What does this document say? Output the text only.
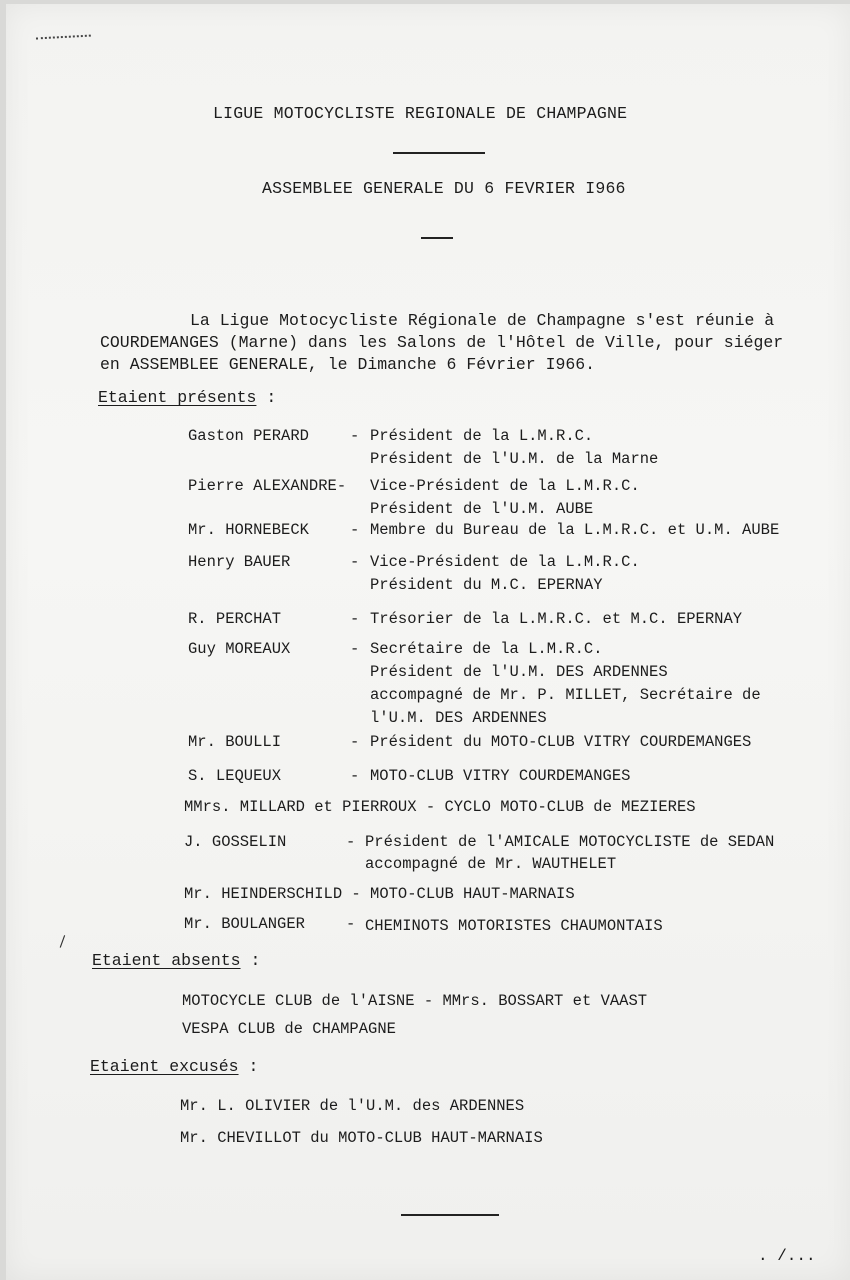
LIGUE MOTOCYCLISTE REGIONALE DE CHAMPAGNE
ASSEMBLEE GENERALE DU 6 FEVRIER I966
La Ligue Motocycliste Régionale de Champagne s'est réunie à
COURDEMANGES (Marne) dans les Salons de l'Hôtel de Ville, pour siéger
en ASSEMBLEE GENERALE, le Dimanche 6 Février I966.
Etaient présents :
Gaston PERARD	- Président de la L.M.R.C.
Président de l'U.M. de la Marne
Pierre ALEXANDRE- Vice-Président de la L.M.R.C.
Président de l'U.M. AUBE
Mr. HORNEBECK	- Membre du Bureau de la L.M.R.C. et U.M. AUBE
Henry BAUER	- Vice-Président de la L.M.R.C.
Président du M.C. EPERNAY
R. PERCHAT	- Trésorier de la L.M.R.C. et M.C. EPERNAY
Guy MOREAUX	- Secrétaire de la L.M.R.C.
Président de l'U.M. DES ARDENNES
accompagné de Mr. P. MILLET, Secrétaire de
l'U.M. DES ARDENNES
Mr. BOULLI	- Président du MOTO-CLUB VITRY COURDEMANGES
S. LEQUEUX	- MOTO-CLUB VITRY COURDEMANGES
MMrs. MILLARD et PIERROUX - CYCLO MOTO-CLUB de MEZIERES
J. GOSSELIN	- Président de l'AMICALE MOTOCYCLISTE de SEDAN
accompagné de Mr. WAUTHELET
Mr. HEINDERSCHILD - MOTO-CLUB HAUT-MARNAIS
Mr. BOULANGER	- CHEMINOTS MOTORISTES CHAUMONTAIS
Etaient absents :
MOTOCYCLE CLUB de l'AISNE - MMrs. BOSSART et VAAST
VESPA CLUB de CHAMPAGNE
Etaient excusés :
Mr. L. OLIVIER de l'U.M. des ARDENNES
Mr. CHEVILLOT du MOTO-CLUB HAUT-MARNAIS
. /...
|
